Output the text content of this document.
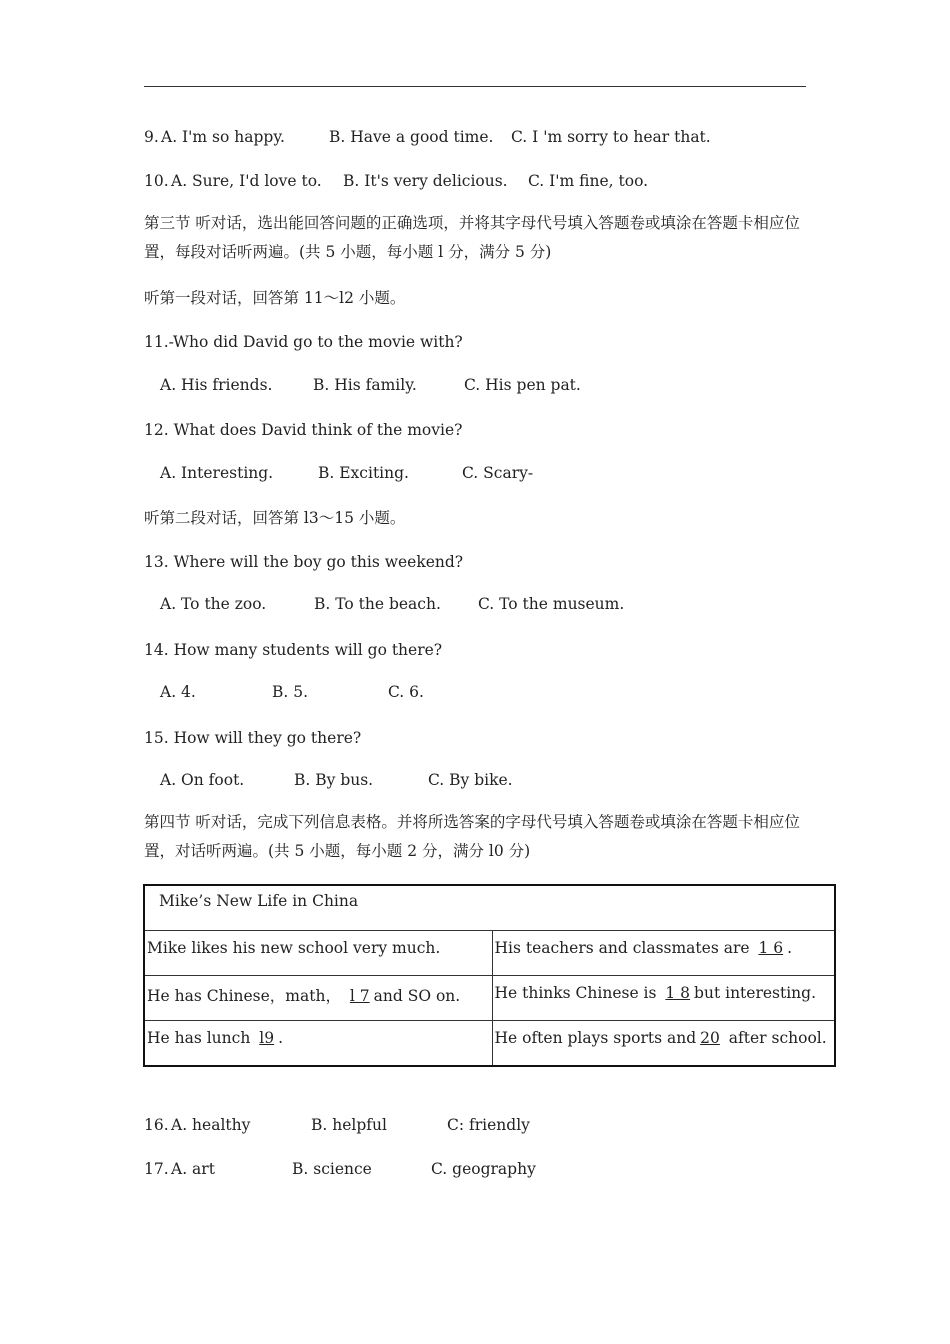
9. A. I'm so happy.	B. Have a good time. C. I 'm sorry to hear that.
10. A. Sure, I'd love to. B. It's very delicious. C. I'm fine, too.
第三节 听对话，选出能回答问题的正确选项，并将其字母代号填入答题卷或填涂在答题卡相应位置，每段对话听两遍。(共 5 小题，每小题 l 分，满分 5 分)
听第一段对话，回答第 11～l2 小题。
11.-Who did David go to the movie with?
A. His friends.	B. His family.	C. His pen pat.
12. What does David think of the movie?
A. Interesting.	B. Exciting.	C. Scary-
听第二段对话，回答第 l3～15 小题。
13. Where will the boy go this weekend?
A. To the zoo.	B. To the beach. C. To the museum.
14. How many students will go there?
A. 4.	B. 5.	C. 6.
15. How will they go there?
A. On foot.	B. By bus.	C. By bike.
第四节 听对话，完成下列信息表格。并将所选答案的字母代号填入答题卷或填涂在答题卡相应位置，对话听两遍。(共 5 小题，每小题 2 分，满分 l0 分)
Mike’s New Life in China	
Mike likes his new school very much.	His teachers and classmates are 1 6 .
He has Chinese，math， l 7 and SO on.	He thinks Chinese is 1 8 but interesting.
He has lunch l9 .	He often plays sports and 20 after school.
16. A. healthy	B. helpful	C: friendly
17. A. art	B. science	C. geography
